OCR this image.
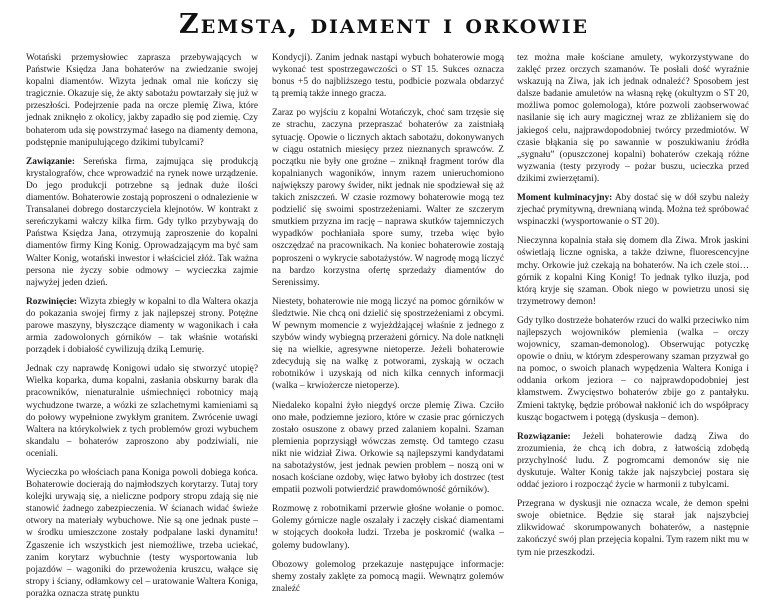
Zemsta, diament i orkowie

Wotański przemysłowiec zaprasza przebywających w Państwie Księdza Jana bohaterów na zwiedzanie swojej kopalni diamentów. Wizyta jednak omal nie kończy się tragicznie. Okazuje się, że akty sabotażu powtarzały się już w przeszłości. Podejrzenie pada na orcze plemię Ziwa, które jednak zniknęło z okolicy, jakby zapadło się pod ziemię. Czy bohaterom uda się powstrzymać łasego na diamenty demona, podstępnie manipulującego dzikimi tubylcami?

Zawiązanie: Sereńska firma, zajmująca się produkcją krystalografów, chce wprowadzić na rynek nowe urządzenie. Do jego produkcji potrzebne są jednak duże ilości diamentów. Bohaterowie zostają poproszeni o odnalezienie w Transalanei dobrego dostarczyciela klejnotów. W kontrakt z sereńczykami wałczy kilka firm. Gdy tylko przybywają do Państwa Księdza Jana, otrzymują zaproszenie do kopalni diamentów firmy King Konig. Oprowadzającym ma być sam Walter Konig, wotański inwestor i właściciel złóż. Tak ważna persona nie życzy sobie odmowy – wycieczka zajmie najwyżej jeden dzień.

Rozwinięcie: Wizyta zbiegły w kopalni to dla Waltera okazja do pokazania swojej firmy z jak najlepszej strony. Potężne parowe maszyny, błyszczące diamenty w wagonikach i cała armia zadowolonych górników – tak właśnie wotański porządek i dobiałość cywilizują dziką Lemurię.

Jednak czy naprawdę Konigowi udało się stworzyć utopię? Wielka koparka, duma kopalni, zasłania obskurny barak dla pracowników, nienaturalnie uśmiechnięci robotnicy mają wychudzone twarze, a wózki ze szlachetnymi kamieniami są do połowy wypełnione zwykłym granitem. Zwrócenie uwagi Waltera na którykolwiek z tych problemów grozi wybuchem skandalu – bohaterów zaproszono aby podziwiali, nie oceniali.

Wycieczka po włościach pana Koniga powoli dobiega końca. Bohaterowie docierają do najmłodszych korytarzy. Tutaj tory kolejki urywają się, a nieliczne podpory stropu zdają się nie stanowić żadnego zabezpieczenia. W ścianach widać świeże otwory na materiały wybuchowe. Nie są one jednak puste – w środku umieszczone zostały podpalane laski dynamitu! Zgaszenie ich wszystkich jest niemożliwe, trzeba uciekać, zanim korytarz wybuchnie (testy wysportowania lub pojazdów – wagoniki do przewożenia kruszcu, wałące się stropy i ściany, odłamkowy cel – uratowanie Waltera Koniga, porażka oznacza stratę punktu

Kondycji). Zanim jednak nastąpi wybuch bohaterowie mogą wykonać test spostrzegawczości o ST 15. Sukces oznacza bonus +5 do najbliższego testu, podbicie pozwala obdarzyć tą premią także innego gracza.

Zaraz po wyjściu z kopalni Wotańczyk, choć sam trzęsie się ze strachu, zaczyna przepraszać bohaterów za zaistniałą sytuację. Opowie o licznych aktach sabotażu, dokonywanych w ciągu ostatnich miesięcy przez nieznanych sprawców. Z początku nie były one groźne – zniknął fragment torów dla kopalnianych wagoników, innym razem unieruchomiono największy parowy świder, nikt jednak nie spodziewał się aż takich zniszczeń. W czasie rozmowy bohaterowie mogą tez podzielić się swoimi spostrzeżeniami. Walter ze szczerym smutkiem przyzna im rację – naprawa skutków tajemniczych wypadków pochłaniała spore sumy, trzeba więc było oszczędzać na pracownikach. Na koniec bohaterowie zostają poproszeni o wykrycie sabotażystów. W nagrodę mogą liczyć na bardzo korzystna ofertę sprzedaży diamentów do Serenissimy.

Niestety, bohaterowie nie mogą liczyć na pomoc górników w śledztwie. Nie chcą oni dzielić się spostrzeżeniami z obcymi. W pewnym momencie z wyjeżdżającej właśnie z jednego z szybów windy wybiegną przerażeni górnicy. Na dole natknęli się na wielkie, agresywne nietoperze. Jeżeli bohaterowie zdecydują się na walkę z potworami, zyskają w oczach robotników i uzyskają od nich kilka cennych informacji (walka – krwiożercze nietoperze).

Niedaleko kopalni żyło niegdyś orcze plemię Ziwa. Czciło ono małe, podziemne jeziorо, które w czasie prac górniczych zostało osuszone z obawy przed zalaniem kopalni. Szaman plemienia poprzysiągł wówczas zemstę. Od tamtego czasu nikt nie widział Ziwa. Orkowie są najlepszymi kandydatami na sabotażystów, jest jednak pewien problem – noszą oni w nosach kościane ozdoby, więc łatwo byłoby ich dostrzec (test empatii pozwoli potwierdzić prawdomówność górników).

Rozmowę z robotnikami przerwie głośne wołanie o pomoc. Golemy górnicze nagle oszalały i zaczęły ciskać diamentami w stojących dookoła ludzi. Trzeba je poskromić (walka – golemy budowlany).

Obozowy golemolog przekazuje następujące informacje: shemy zostały zaklęte za pomocą magii. Wewnątrz golemów znaleźć

tez można małe kościane amulety, wykorzystywane do zaklęć przez orczych szamanów. Te posłali dość wyraźnie wskazują na Ziwa, jak ich jednak odnaleźć? Sposobem jest dalsze badanie amuletów na własną rękę (okultyzm o ST 20, możliwa pomoc golemologa), które pozwoli zaobserwować nasilanie się ich aury magicznej wraz ze zbliżaniem się do jakiegoś celu, najprawdopodobniej twórcy przedmiotów. W czasie błąkania się po sawannie w poszukiwaniu źródła „sygnału” (opuszczonej kopalni) bohaterów czekają różne wyzwania (testy przyrody – pożar buszu, ucieczka przed dzikimi zwierzętami).

Moment kulminacyjny: Aby dostać się w dół szybu należy zjechać prymitywną, drewnianą windą. Można też spróbować wspinaczki (wysportowanie o ST 20).

Nieczynna kopalnia stała się domem dla Ziwa. Mrok jaskini oświetlają liczne ogniska, a także dziwne, fluorescencyjne mchy. Orkowie już czekają na bohaterów. Na ich czele stoi… górnik z kopalni King Konig! To jednak tylko iluzja, pod którą kryje się szaman. Obok niego w powietrzu unosi się trzymetrowy demon!

Gdy tylko dostrzeże bohaterów rzuci do walki przeciwko nim najlepszych wojowników plemienia (walka – orczy wojownicy, szaman-demonolog). Obserwując potyczkę opowie o dniu, w którym zdesperowany szaman przyzwał go na pomoc, o swoich planach wypędzenia Waltera Koniga i oddania orkom jeziora – co najprawdopodobniej jest kłamstwem. Zwycięstwo bohaterów zbije go z pantałyku. Zmieni taktykę, będzie próbował nakłonić ich do współpracy kusząc bogactwem i potęgą (dyskusja – demon).

Rozwiązanie: Jeżeli bohaterowie dadzą Ziwa do zrozumienia, że chcą ich dobra, z łatwością zdobędą przychylność ludu. Z pogromcami demonów się nie dyskutuje. Walter Konig także jak najszybciej postara się oddać jezioro i rozpocząć życie w harmonii z tubylcami.

Przegrana w dyskusji nie oznacza wcale, że demon spełni swoje obietnice. Będzie się starał jak najszybciej zlikwidować skorumpowanych bohaterów, a następnie zakończyć swój plan przejęcia kopalni. Tym razem nikt mu w tym nie przeszkodzi.
